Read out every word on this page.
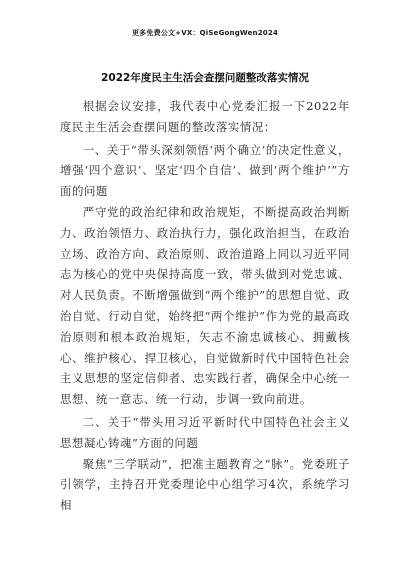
更多免费公文+VX：QiSeGongWen2024
2022年度民主生活会查摆问题整改落实情况

根据会议安排，我代表中心党委汇报一下2022年度民主生活会查摆问题的整改落实情况：

一、关于“带头深刻领悟‘两个确立’的决定性意义，增强‘四个意识’、坚定‘四个自信’、做到‘两个维护’”方面的问题

严守党的政治纪律和政治规矩，不断提高政治判断力、政治领悟力、政治执行力，强化政治担当，在政治立场、政治方向、政治原则、政治道路上同以习近平同志为核心的党中央保持高度一致，带头做到对党忠诚、对人民负责。不断增强做到“两个维护”的思想自觉、政治自觉、行动自觉，始终把“两个维护”作为党的最高政治原则和根本政治规矩，矢志不渝忠诚核心、拥戴核心、维护核心、捍卫核心，自觉做新时代中国特色社会主义思想的坚定信仰者、忠实践行者，确保全中心统一思想、统一意志、统一行动，步调一致向前进。

二、关于“带头用习近平新时代中国特色社会主义思想凝心铸魂”方面的问题

聚焦“三学联动”，把准主题教育之“脉”。党委班子引领学，主持召开党委理论中心组学习4次，系统学习相
